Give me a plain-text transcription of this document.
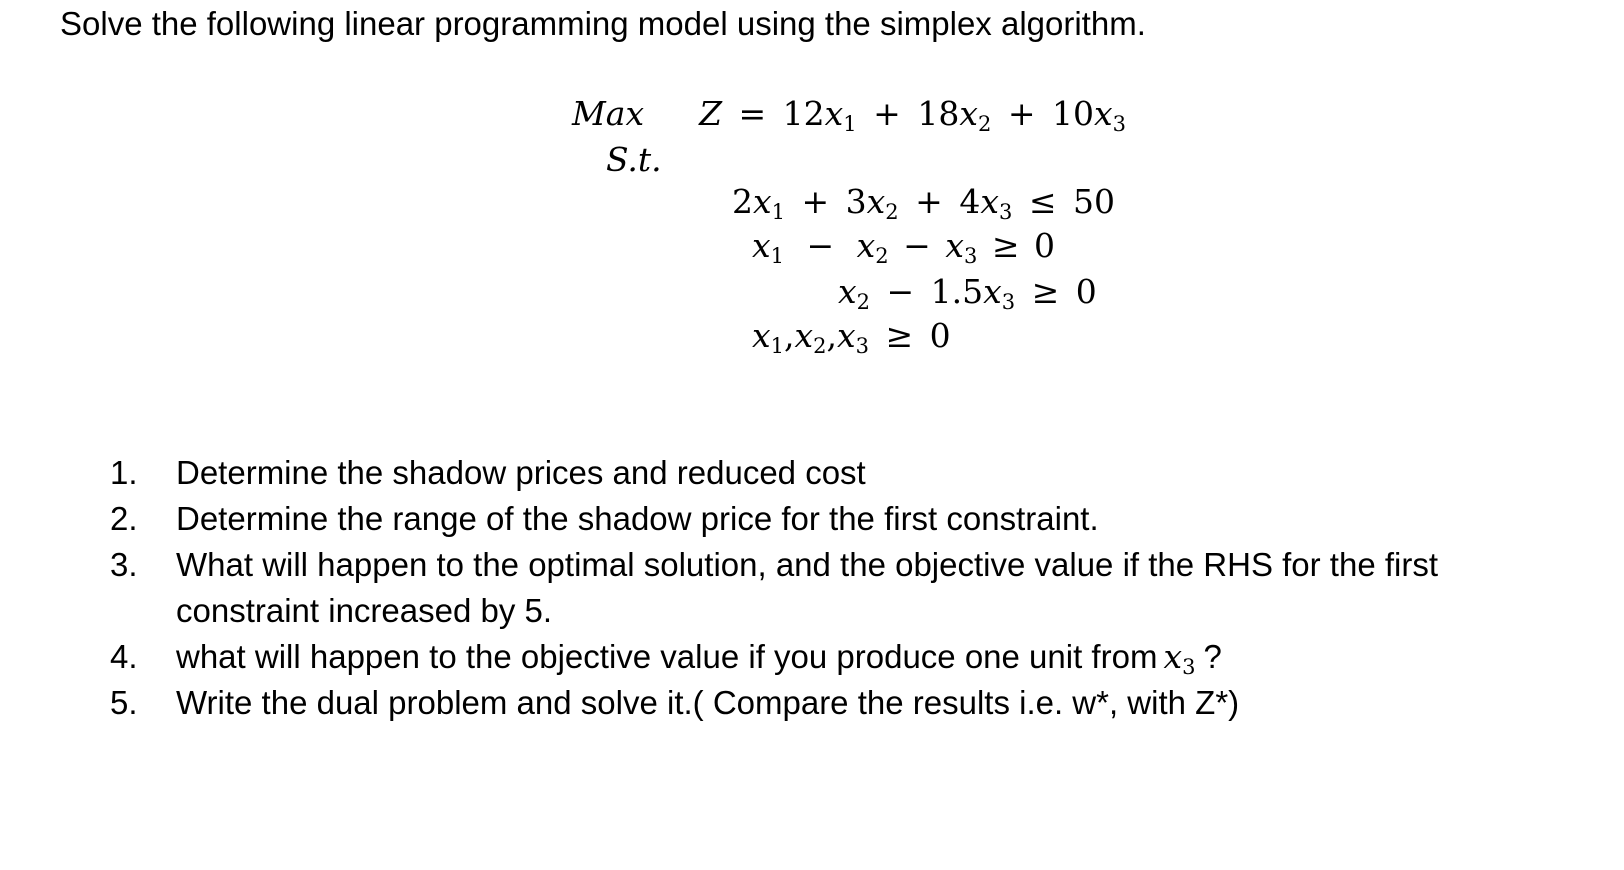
Solve the following linear programming model using the simplex algorithm.
Max $Z = 12x_1 + 18x_2 + 10x_3$
S.t.
$2x_1 + 3x_2 + 4x_3 \le 50$
$x_1 - x_2 - x_3 \ge 0$
$x_2 - 1.5x_3 \ge 0$
$x_1,x_2,x_3 \ge 0$
1.	Determine the shadow prices and reduced cost
2.	Determine the range of the shadow price for the first constraint.
3.	What will happen to the optimal solution, and the objective value if the RHS for the first constraint increased by 5.
4.	what will happen to the objective value if you produce one unit from $x_3$ ?
5.	Write the dual problem and solve it.( Compare the results i.e. w*, with Z*)
